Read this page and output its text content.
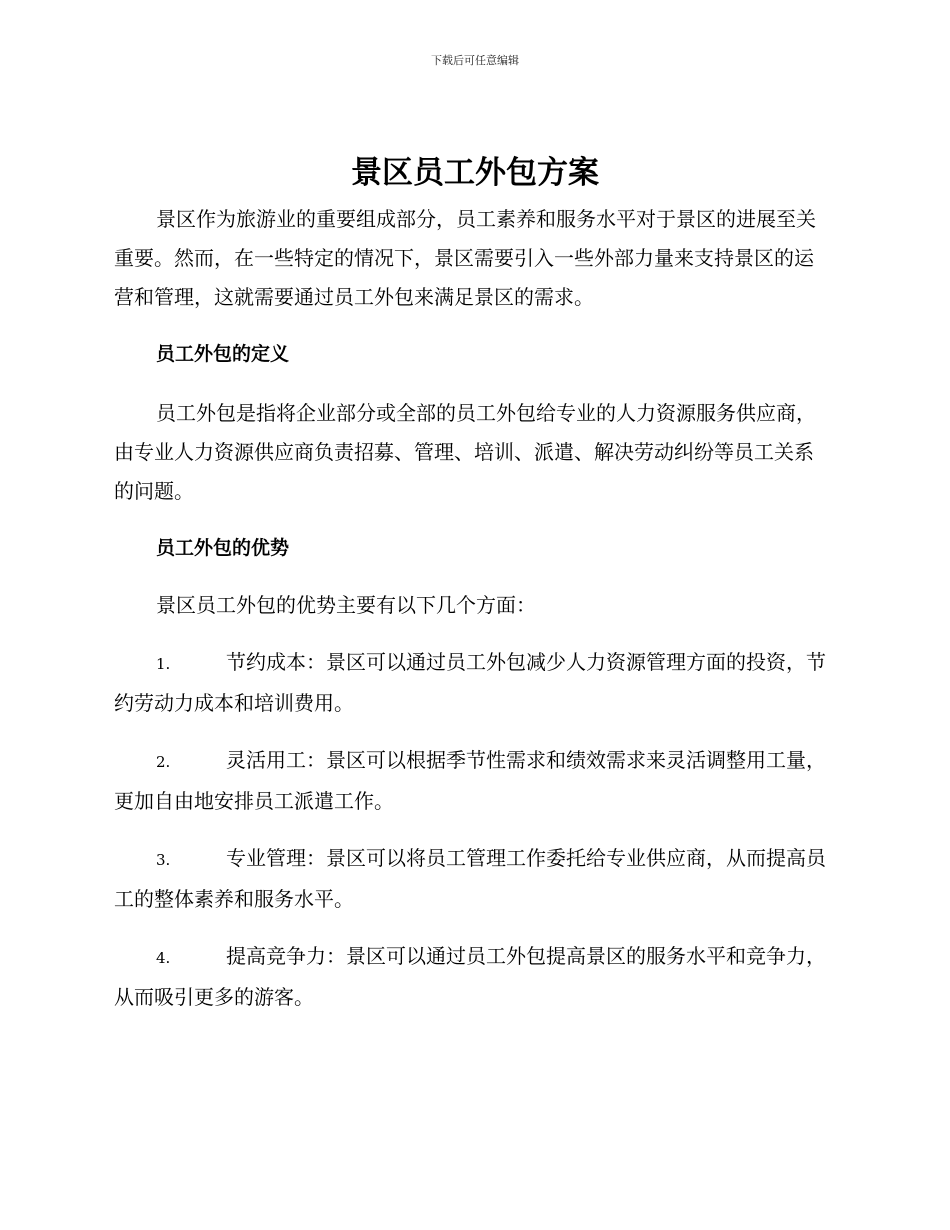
下载后可任意编辑
景区员工外包方案

景区作为旅游业的重要组成部分，员工素养和服务水平对于景区的进展至关重要。然而，在一些特定的情况下，景区需要引入一些外部力量来支持景区的运营和管理，这就需要通过员工外包来满足景区的需求。

员工外包的定义

员工外包是指将企业部分或全部的员工外包给专业的人力资源服务供应商，由专业人力资源供应商负责招募、管理、培训、派遣、解决劳动纠纷等员工关系的问题。

员工外包的优势

景区员工外包的优势主要有以下几个方面：

1.	节约成本：景区可以通过员工外包减少人力资源管理方面的投资，节约劳动力成本和培训费用。

2.	灵活用工：景区可以根据季节性需求和绩效需求来灵活调整用工量，更加自由地安排员工派遣工作。

3.	专业管理：景区可以将员工管理工作委托给专业供应商，从而提高员工的整体素养和服务水平。

4.	提高竞争力：景区可以通过员工外包提高景区的服务水平和竞争力，从而吸引更多的游客。
